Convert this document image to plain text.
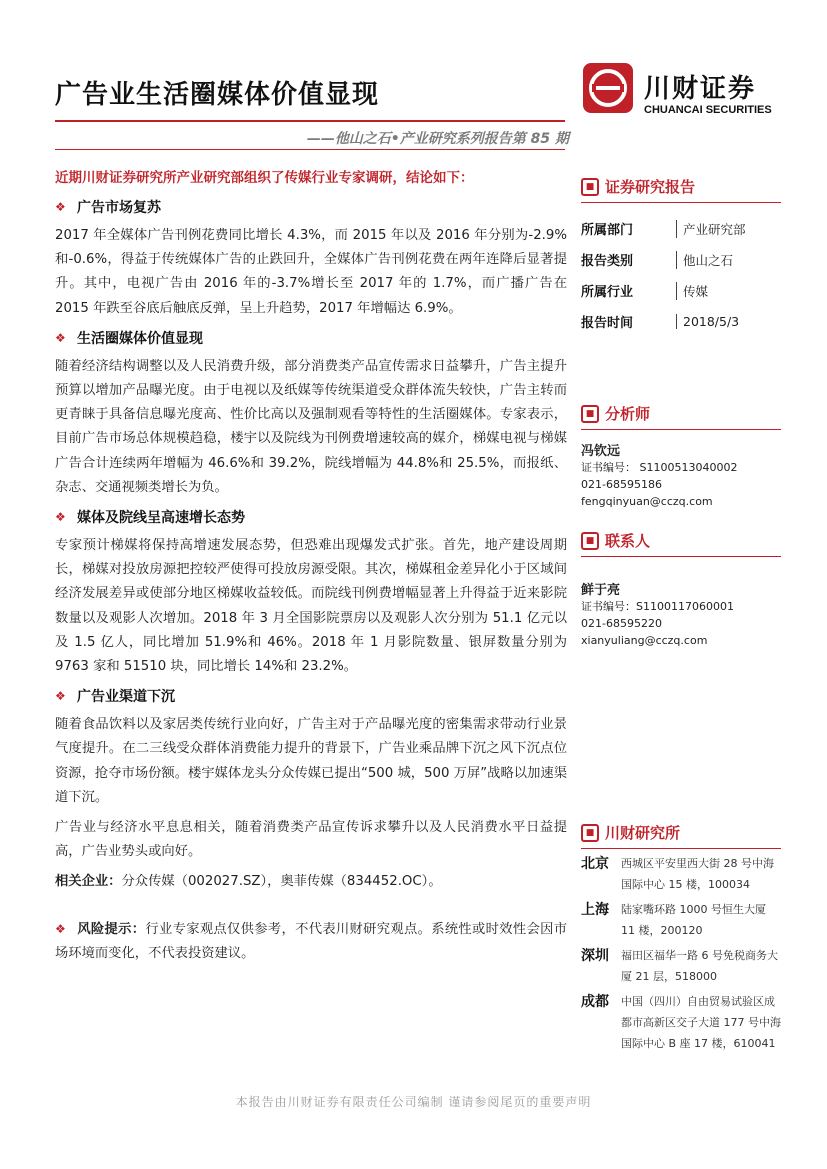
广告业生活圈媒体价值显现
——他山之石•产业研究系列报告第 85 期
川财证券
CHUANCAI SECURITIES
近期川财证券研究所产业研究部组织了传媒行业专家调研，结论如下：
❖ 广告市场复苏

2017 年全媒体广告刊例花费同比增长 4.3%，而 2015 年以及 2016 年分别为-2.9%和-0.6%，得益于传统媒体广告的止跌回升，全媒体广告刊例花费在两年连降后显著提升。其中，电视广告由 2016 年的-3.7%增长至 2017 年的 1.7%，而广播广告在 2015 年跌至谷底后触底反弹，呈上升趋势，2017 年增幅达 6.9%。

❖ 生活圈媒体价值显现

随着经济结构调整以及人民消费升级，部分消费类产品宣传需求日益攀升，广告主提升预算以增加产品曝光度。由于电视以及纸媒等传统渠道受众群体流失较快，广告主转而更青睐于具备信息曝光度高、性价比高以及强制观看等特性的生活圈媒体。专家表示，目前广告市场总体规模趋稳，楼宇以及院线为刊例费增速较高的媒介，梯媒电视与梯媒广告合计连续两年增幅为 46.6%和 39.2%，院线增幅为 44.8%和 25.5%，而报纸、杂志、交通视频类增长为负。

❖ 媒体及院线呈高速增长态势

专家预计梯媒将保持高增速发展态势，但恐难出现爆发式扩张。首先，地产建设周期长，梯媒对投放房源把控较严使得可投放房源受限。其次，梯媒租金差异化小于区域间经济发展差异或使部分地区梯媒收益较低。而院线刊例费增幅显著上升得益于近来影院数量以及观影人次增加。2018 年 3 月全国影院票房以及观影人次分别为 51.1 亿元以及 1.5 亿人，同比增加 51.9%和 46%。2018 年 1 月影院数量、银屏数量分别为 9763 家和 51510 块，同比增长 14%和 23.2%。

❖ 广告业渠道下沉

随着食品饮料以及家居类传统行业向好，广告主对于产品曝光度的密集需求带动行业景气度提升。在二三线受众群体消费能力提升的背景下，广告业乘品牌下沉之风下沉点位资源，抢夺市场份额。楼宇媒体龙头分众传媒已提出“500 城，500 万屏”战略以加速渠道下沉。

广告业与经济水平息息相关，随着消费类产品宣传诉求攀升以及人民消费水平日益提高，广告业势头或向好。

相关企业：分众传媒（002027.SZ），奥菲传媒（834452.OC）。

❖ 风险提示：行业专家观点仅供参考，不代表川财研究观点。系统性或时效性会因市场环境而变化，不代表投资建议。

■ 证券研究报告
所属部门	产业研究部
报告类别	他山之石
所属行业	传媒
报告时间	2018/5/3
■ 分析师
冯钦远
证书编号： S1100513040002
021-68595186
fengqinyuan@cczq.com
■ 联系人
鲜于亮
证书编号：S1100117060001
021-68595220
xianyuliang@cczq.com
■ 川财研究所
北京	西城区平安里西大街 28 号中海国际中心 15 楼，100034
上海	陆家嘴环路 1000 号恒生大厦 11 楼，200120
深圳	福田区福华一路 6 号免税商务大厦 21 层，518000
成都	中国（四川）自由贸易试验区成都市高新区交子大道 177 号中海国际中心 B 座 17 楼，610041
本报告由川财证券有限责任公司编制 谨请参阅尾页的重要声明
